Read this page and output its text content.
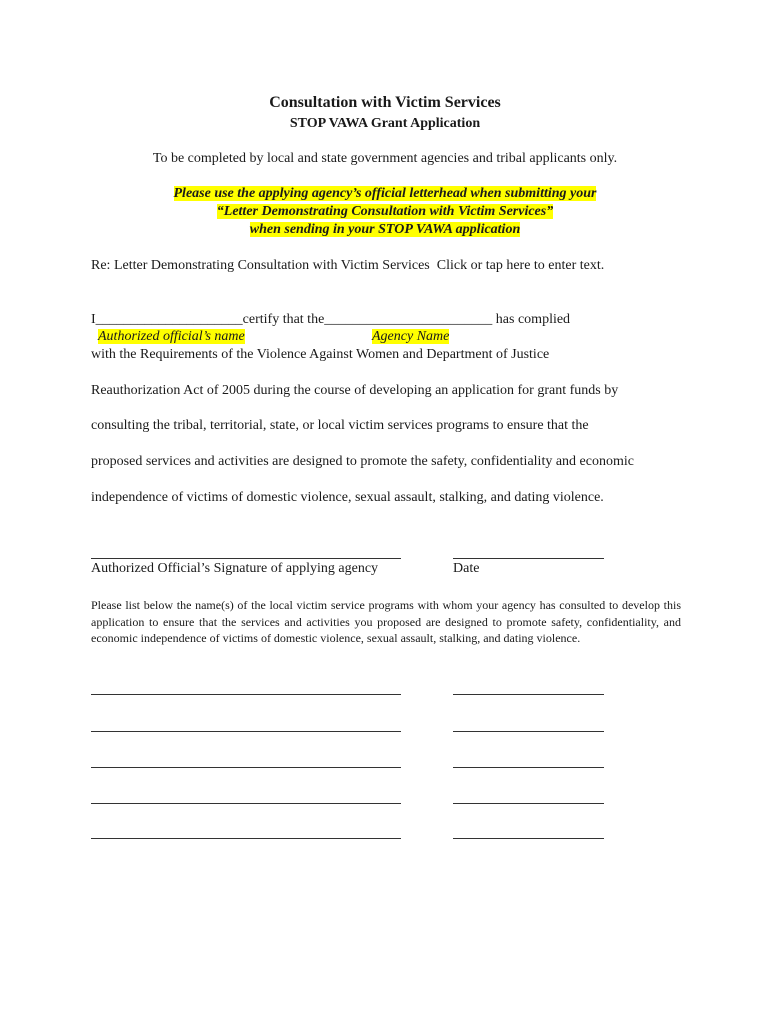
Consultation with Victim Services
STOP VAWA Grant Application
To be completed by local and state government agencies and tribal applicants only.
Please use the applying agency’s official letterhead when submitting your
“Letter Demonstrating Consultation with Victim Services”
when sending in your STOP VAWA application
Re: Letter Demonstrating Consultation with Victim Services Click or tap here to enter text.
I_____________________certify that the________________________ has complied
Authorized official’s name	Agency Name
with the Requirements of the Violence Against Women and Department of Justice
Reauthorization Act of 2005 during the course of developing an application for grant funds by
consulting the tribal, territorial, state, or local victim services programs to ensure that the
proposed services and activities are designed to promote the safety, confidentiality and economic
independence of victims of domestic violence, sexual assault, stalking, and dating violence.
Authorized Official’s Signature of applying agency	Date
Please list below the name(s) of the local victim service programs with whom your agency has consulted to develop this application to ensure that the services and activities you proposed are designed to promote safety, confidentiality, and economic independence of victims of domestic violence, sexual assault, stalking, and dating violence.
